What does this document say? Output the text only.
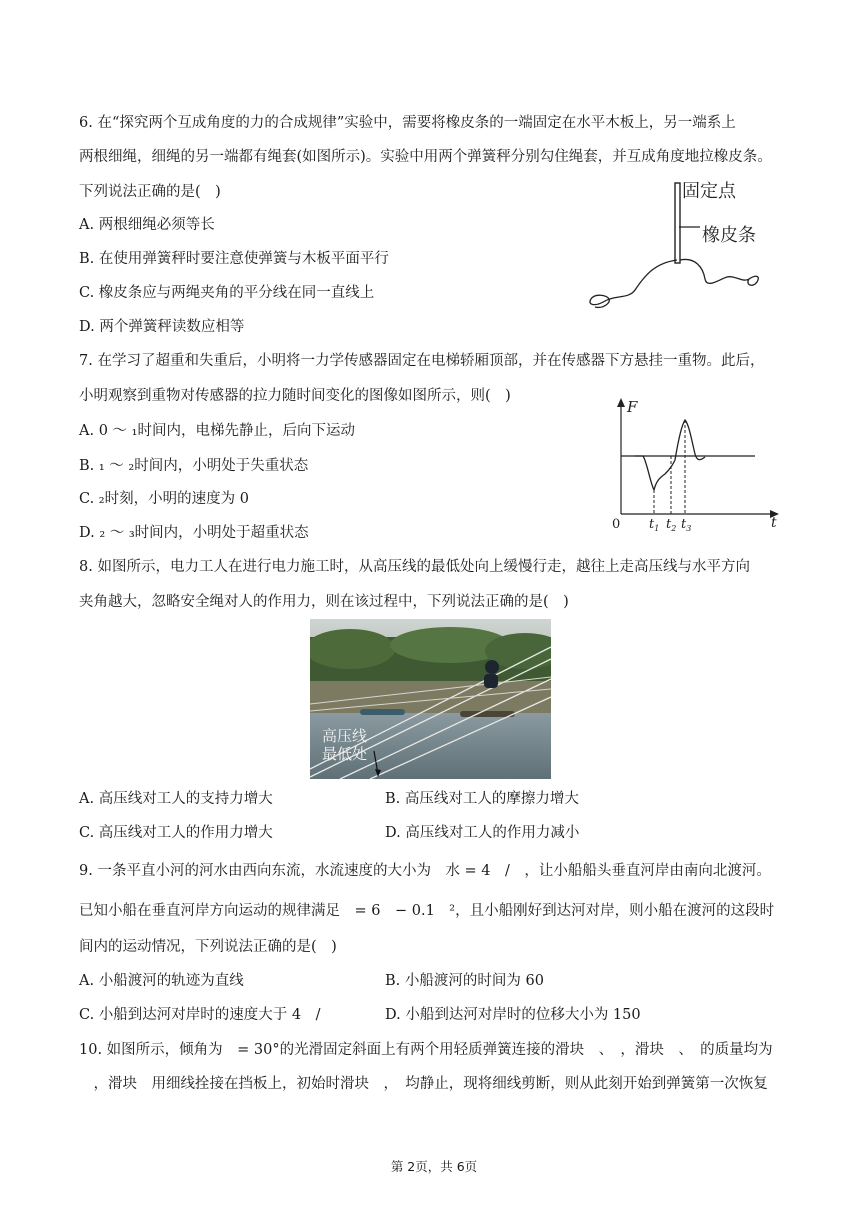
6. 在“探究两个互成角度的力的合成规律”实验中，需要将橡皮条的一端固定在水平木板上，另一端系上
两根细绳，细绳的另一端都有绳套(如图所示)。实验中用两个弹簧秤分别勾住绳套，并互成角度地拉橡皮条。
下列说法正确的是(　)
A. 两根细绳必须等长
B. 在使用弹簧秤时要注意使弹簧与木板平面平行
C. 橡皮条应与两绳夹角的平分线在同一直线上
D. 两个弹簧秤读数应相等
固定点
橡皮条
7. 在学习了超重和失重后，小明将一力学传感器固定在电梯轿厢顶部，并在传感器下方悬挂一重物。此后，
小明观察到重物对传感器的拉力随时间变化的图像如图所示，则(　)
A. 0 ～ ₁时间内，电梯先静止，后向下运动
B. ₁ ～ ₂时间内，小明处于失重状态
C. ₂时刻，小明的速度为 0
D. ₂ ～ ₃时间内，小明处于超重状态
F
t
0 $t_1$ $t_2$ $t_3$
8. 如图所示，电力工人在进行电力施工时，从高压线的最低处向上缓慢行走，越往上走高压线与水平方向
夹角越大，忽略安全绳对人的作用力，则在该过程中，下列说法正确的是(　)
高压线
最低处
A. 高压线对工人的支持力增大	B. 高压线对工人的摩擦力增大
C. 高压线对工人的作用力增大	D. 高压线对工人的作用力减小
9. 一条平直小河的河水由西向东流，水流速度的大小为　水 = 4　/　，让小船船头垂直河岸由南向北渡河。
已知小船在垂直河岸方向运动的规律满足　= 6　− 0.1　²，且小船刚好到达河对岸，则小船在渡河的这段时
间内的运动情况，下列说法正确的是(　)
A. 小船渡河的轨迹为直线	B. 小船渡河的时间为 60
C. 小船到达河对岸时的速度大于 4　/	D. 小船到达河对岸时的位移大小为 150
10. 如图所示，倾角为　= 30°的光滑固定斜面上有两个用轻质弹簧连接的滑块　、　，滑块　、　的质量均为
　，滑块　用细线拴接在挡板上，初始时滑块　，　均静止，现将细线剪断，则从此刻开始到弹簧第一次恢复
第 2页，共 6页
